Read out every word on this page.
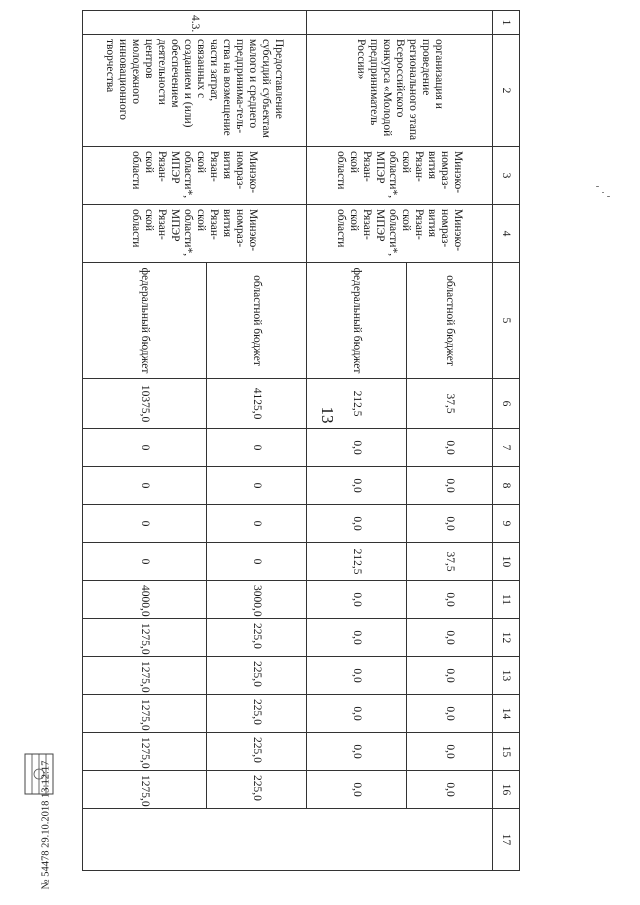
13
1	2	3	4	5	6	7	8	9	10	11	12	13	14	15	16	17
	организация и проведение регионального этапа Всероссийского конкурса «Молодой предприниматель России»	Минэко-номраз-вития Рязан-ской области*, МПЭР Рязан-ской области	Минэко-номраз-вития Рязан-ской области*, МПЭР Рязан-ской области	областной бюджет	37,5	0,0	0,0	0,0	37,5	0,0	0,0	0,0	0,0	0,0	0,0	
				федеральный бюджет	212,5	0,0	0,0	0,0	212,5	0,0	0,0	0,0	0,0	0,0	0,0	
4.3.	Предоставление субсидий субъектам малого и среднего предпринима-тель-ства на возмещение части затрат, связанных с созданием и (или) обеспечением деятельности центров молодежного инновационного творчества	Минэко-номраз-вития Рязан-ской области*, МПЭР Рязан-ской области	Минэко-номраз-вития Рязан-ской области*, МПЭР Рязан-ской области	областной бюджет	4125,0	0	0	0	0	3000,0	225,0	225,0	225,0	225,0	225,0	
				федеральный бюджет	10375,0	0	0	0	0	4000,0	1275,0	1275,0	1275,0	1275,0	1275,0	
№ 54478 29.10.2018 13:12:17
